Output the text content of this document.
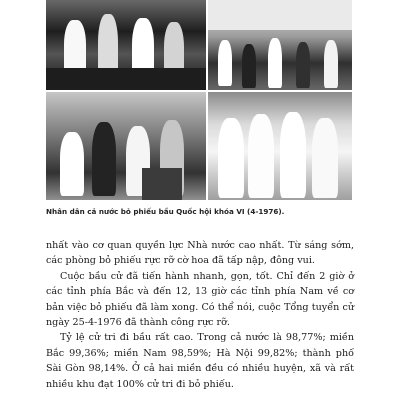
Nhân dân cả nước bỏ phiếu bầu Quốc hội khóa VI (4-1976).

nhất vào cơ quan quyền lực Nhà nước cao nhất. Từ sáng sớm, các phòng bỏ phiếu rực rỡ cờ hoa đã tấp nập, đông vui.

Cuộc bầu cử đã tiến hành nhanh, gọn, tốt. Chỉ đến 2 giờ ở các tỉnh phía Bắc và đến 12, 13 giờ các tỉnh phía Nam về cơ bản việc bỏ phiếu đã làm xong. Có thể nói, cuộc Tổng tuyển cử ngày 25-4-1976 đã thành công rực rỡ.

Tỷ lệ cử tri đi bầu rất cao. Trong cả nước là 98,77%; miền Bắc 99,36%; miền Nam 98,59%; Hà Nội 99,82%; thành phố Sài Gòn 98,14%. Ở cả hai miền đều có nhiều huyện, xã và rất nhiều khu đạt 100% cử tri đi bỏ phiếu.
